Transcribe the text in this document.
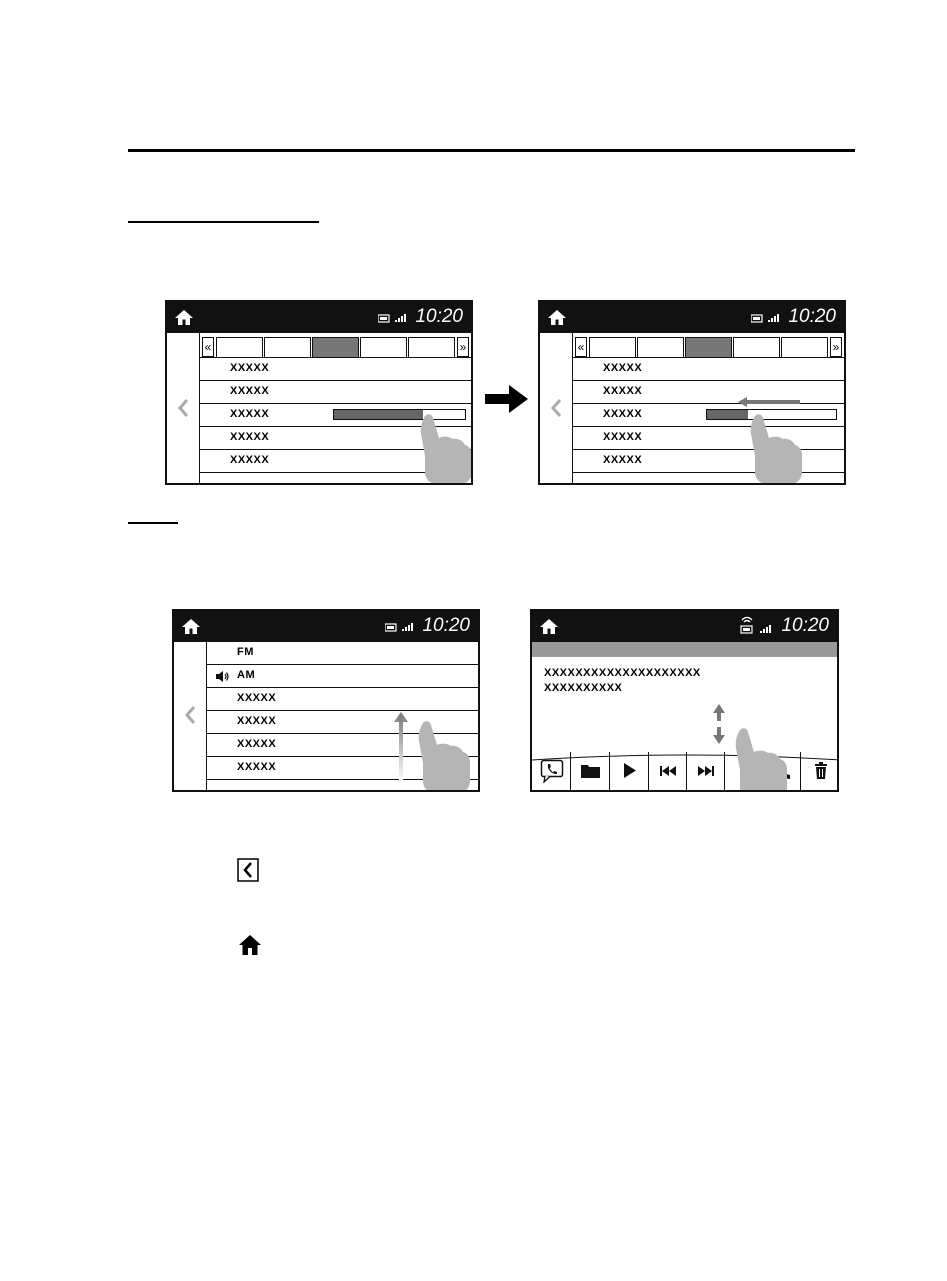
10:20
«	»
XXXXX
XXXXX
XXXXX
XXXXX
XXXXX
10:20
«	»
XXXXX
XXXXX
XXXXX
XXXXX
XXXXX
10:20
FM
AM
XXXXX
XXXXX
XXXXX
XXXXX
10:20
XXXXXXXXXXXXXXXXXXXX
XXXXXXXXXX
